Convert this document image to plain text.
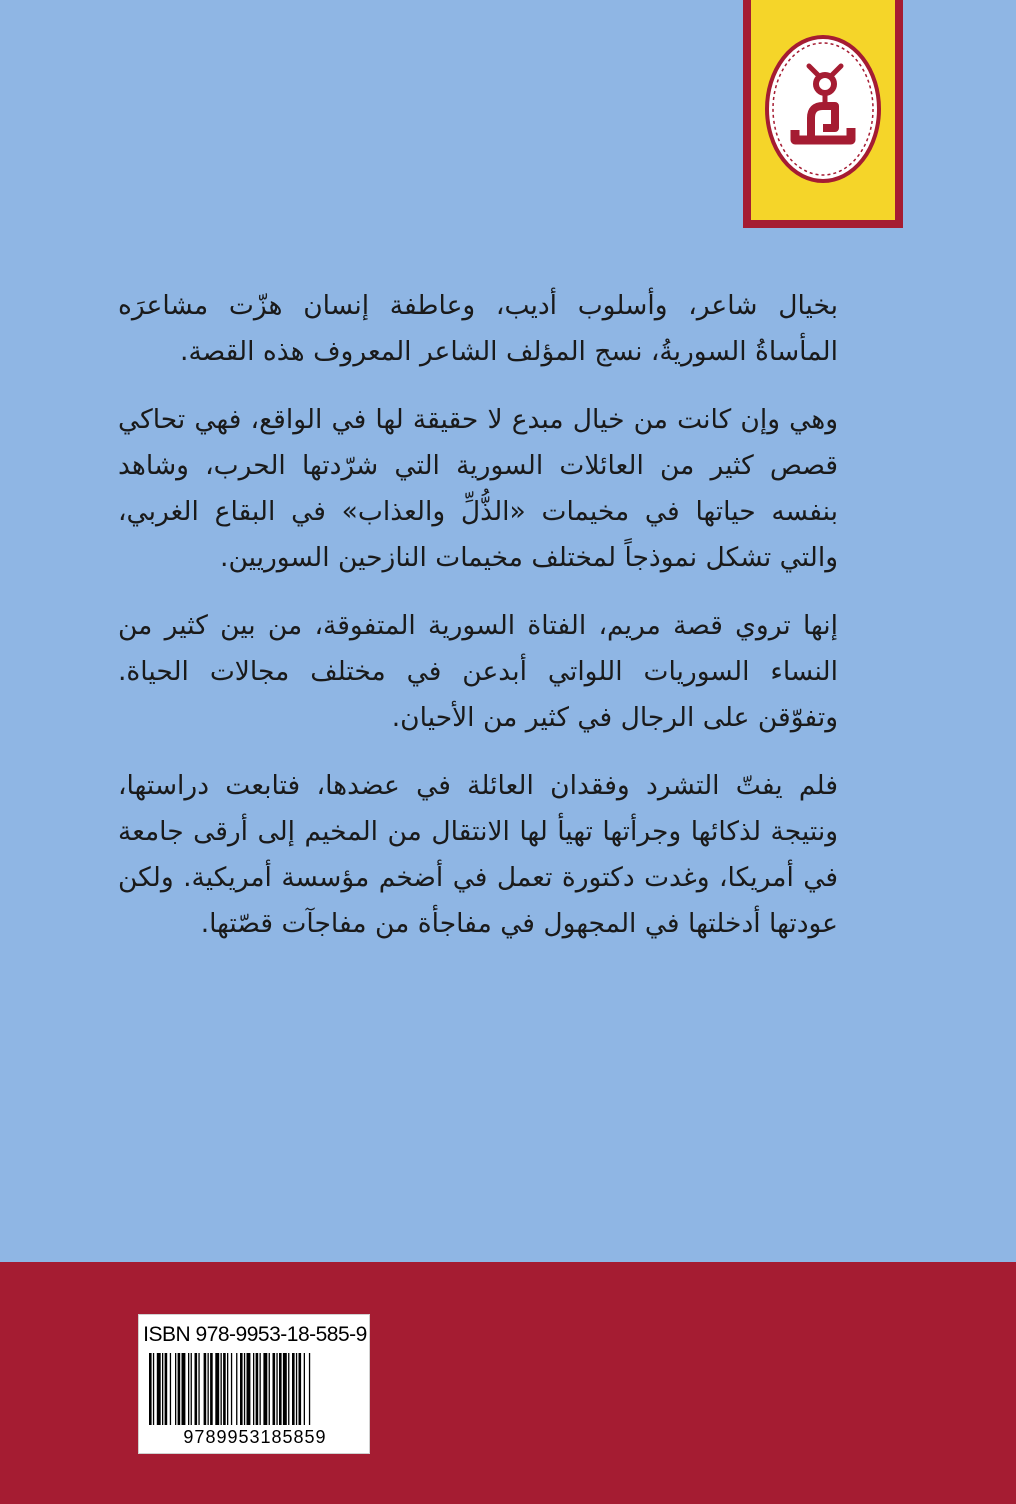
بخيال شاعر، وأسلوب أديب، وعاطفة إنسان هزّت مشاعرَه المأساةُ السوريةُ، نسج المؤلف الشاعر المعروف هذه القصة.

وهي وإن كانت من خيال مبدع لا حقيقة لها في الواقع، فهي تحاكي قصص كثير من العائلات السورية التي شرّدتها الحرب، وشاهد بنفسه حياتها في مخيمات «الذُّلِّ والعذاب» في البقاع الغربي، والتي تشكل نموذجاً لمختلف مخيمات النازحين السوريين.

إنها تروي قصة مريم، الفتاة السورية المتفوقة، من بين كثير من النساء السوريات اللواتي أبدعن في مختلف مجالات الحياة. وتفوّقن على الرجال في كثير من الأحيان.

فلم يفتّ التشرد وفقدان العائلة في عضدها، فتابعت دراستها، ونتيجة لذكائها وجرأتها تهيأ لها الانتقال من المخيم إلى أرقى جامعة في أمريكا، وغدت دكتورة تعمل في أضخم مؤسسة أمريكية. ولكن عودتها أدخلتها في المجهول في مفاجأة من مفاجآت قصّتها.

ISBN 978-9953-18-585-9
9789953185859
